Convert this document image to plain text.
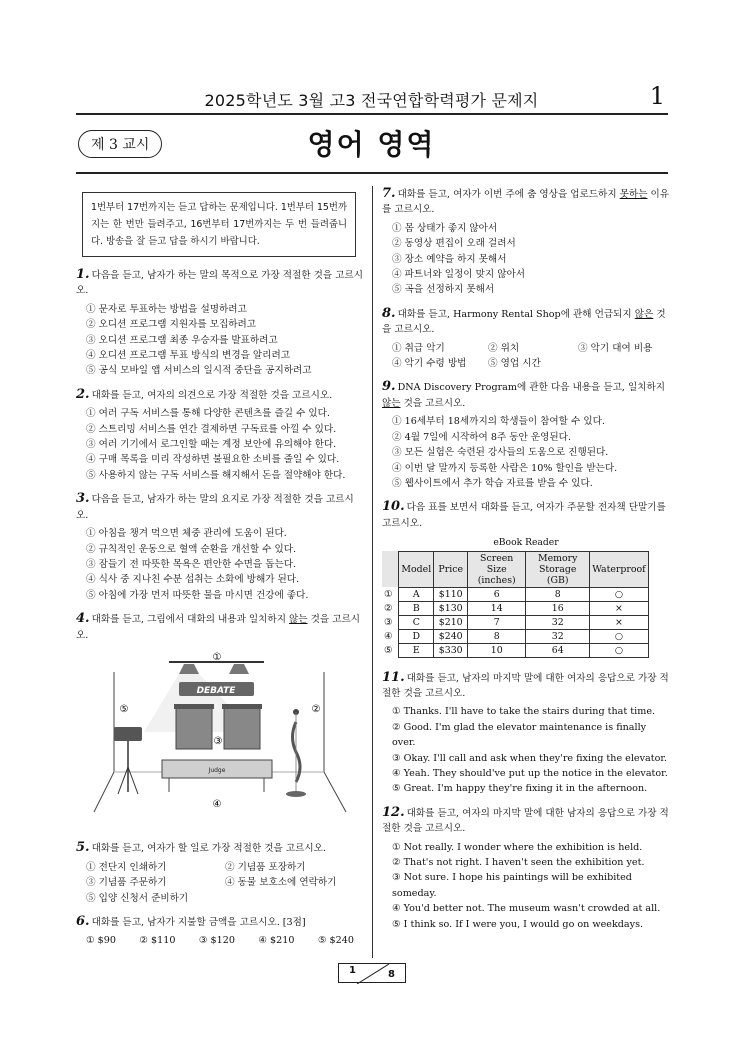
2025학년도 3월 고3 전국연합학력평가 문제지	1
제 3 교시	영어 영역
1번부터 17번까지는 듣고 답하는 문제입니다. 1번부터 15번까지는 한 번만 들려주고, 16번부터 17번까지는 두 번 들려줍니다. 방송을 잘 듣고 답을 하시기 바랍니다.
1. 다음을 듣고, 남자가 하는 말의 목적으로 가장 적절한 것을 고르시오.
① 문자로 투표하는 방법을 설명하려고
② 오디션 프로그램 지원자를 모집하려고
③ 오디션 프로그램 최종 우승자를 발표하려고
④ 오디션 프로그램 투표 방식의 변경을 알리려고
⑤ 공식 모바일 앱 서비스의 일시적 중단을 공지하려고
2. 대화를 듣고, 여자의 의견으로 가장 적절한 것을 고르시오.
① 여러 구독 서비스를 통해 다양한 콘텐츠를 즐길 수 있다.
② 스트리밍 서비스를 연간 결제하면 구독료를 아낄 수 있다.
③ 여러 기기에서 로그인할 때는 계정 보안에 유의해야 한다.
④ 구매 목록을 미리 작성하면 불필요한 소비를 줄일 수 있다.
⑤ 사용하지 않는 구독 서비스를 해지해서 돈을 절약해야 한다.
3. 다음을 듣고, 남자가 하는 말의 요지로 가장 적절한 것을 고르시오.
① 아침을 챙겨 먹으면 체중 관리에 도움이 된다.
② 규칙적인 운동으로 혈액 순환을 개선할 수 있다.
③ 잠들기 전 따뜻한 목욕은 편안한 수면을 돕는다.
④ 식사 중 지나친 수분 섭취는 소화에 방해가 된다.
⑤ 아침에 가장 먼저 따뜻한 물을 마시면 건강에 좋다.
4. 대화를 듣고, 그림에서 대화의 내용과 일치하지 않는 것을 고르시오.
DEBATE
Judge
①
②
③
④
⑤
5. 대화를 듣고, 여자가 할 일로 가장 적절한 것을 고르시오.
① 전단지 인쇄하기	② 기념품 포장하기
③ 기념품 주문하기	④ 동물 보호소에 연락하기
⑤ 입양 신청서 준비하기
6. 대화를 듣고, 남자가 지불할 금액을 고르시오. [3점]
① $90 ② $110 ③ $120 ④ $210 ⑤ $240
7. 대화를 듣고, 여자가 이번 주에 춤 영상을 업로드하지 못하는 이유를 고르시오.
① 몸 상태가 좋지 않아서
② 동영상 편집이 오래 걸려서
③ 장소 예약을 하지 못해서
④ 파트너와 일정이 맞지 않아서
⑤ 곡을 선정하지 못해서
8. 대화를 듣고, Harmony Rental Shop에 관해 언급되지 않은 것을 고르시오.
① 취급 악기	② 위치	③ 악기 대여 비용
④ 악기 수령 방법	⑤ 영업 시간
9. DNA Discovery Program에 관한 다음 내용을 듣고, 일치하지 않는 것을 고르시오.
① 16세부터 18세까지의 학생들이 참여할 수 있다.
② 4월 7일에 시작하여 8주 동안 운영된다.
③ 모든 실험은 숙련된 강사들의 도움으로 진행된다.
④ 이번 달 말까지 등록한 사람은 10% 할인을 받는다.
⑤ 웹사이트에서 추가 학습 자료를 받을 수 있다.
10. 다음 표를 보면서 대화를 듣고, 여자가 주문할 전자책 단말기를 고르시오.
eBook Reader
	Model	Price	Screen Size (inches)	Memory Storage (GB)	Waterproof
①	A	$110	6	8	○
②	B	$130	14	16	×
③	C	$210	7	32	×
④	D	$240	8	32	○
⑤	E	$330	10	64	○
11. 대화를 듣고, 남자의 마지막 말에 대한 여자의 응답으로 가장 적절한 것을 고르시오.
① Thanks. I'll have to take the stairs during that time.
② Good. I'm glad the elevator maintenance is finally over.
③ Okay. I'll call and ask when they're fixing the elevator.
④ Yeah. They should've put up the notice in the elevator.
⑤ Great. I'm happy they're fixing it in the afternoon.
12. 대화를 듣고, 여자의 마지막 말에 대한 남자의 응답으로 가장 적절한 것을 고르시오.
① Not really. I wonder where the exhibition is held.
② That's not right. I haven't seen the exhibition yet.
③ Not sure. I hope his paintings will be exhibited someday.
④ You'd better not. The museum wasn't crowded at all.
⑤ I think so. If I were you, I would go on weekdays.
1	8
